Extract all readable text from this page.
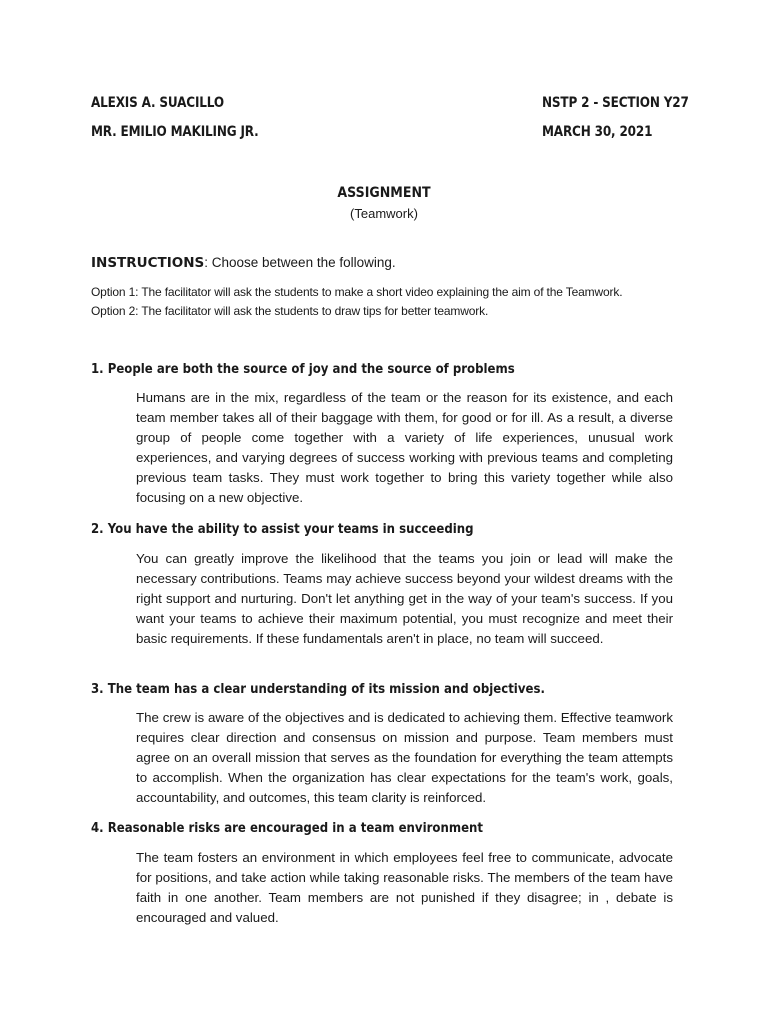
ALEXIS A. SUACILLO	NSTP 2 - SECTION Y27
MR. EMILIO MAKILING JR.	MARCH 30, 2021
ASSIGNMENT
(Teamwork)
INSTRUCTIONS: Choose between the following.
Option 1: The facilitator will ask the students to make a short video explaining the aim of the Teamwork.
Option 2: The facilitator will ask the students to draw tips for better teamwork.
1. People are both the source of joy and the source of problems
Humans are in the mix, regardless of the team or the reason for its existence, and each team member takes all of their baggage with them, for good or for ill. As a result, a diverse group of people come together with a variety of life experiences, unusual work experiences, and varying degrees of success working with previous teams and completing previous team tasks. They must work together to bring this variety together while also focusing on a new objective.
2. You have the ability to assist your teams in succeeding
You can greatly improve the likelihood that the teams you join or lead will make the necessary contributions. Teams may achieve success beyond your wildest dreams with the right support and nurturing. Don't let anything get in the way of your team's success. If you want your teams to achieve their maximum potential, you must recognize and meet their basic requirements. If these fundamentals aren't in place, no team will succeed.
3. The team has a clear understanding of its mission and objectives.
The crew is aware of the objectives and is dedicated to achieving them. Effective teamwork requires clear direction and consensus on mission and purpose. Team members must agree on an overall mission that serves as the foundation for everything the team attempts to accomplish. When the organization has clear expectations for the team's work, goals, accountability, and outcomes, this team clarity is reinforced.
4. Reasonable risks are encouraged in a team environment
The team fosters an environment in which employees feel free to communicate, advocate for positions, and take action while taking reasonable risks. The members of the team have faith in one another. Team members are not punished if they disagree; in , debate is encouraged and valued.
